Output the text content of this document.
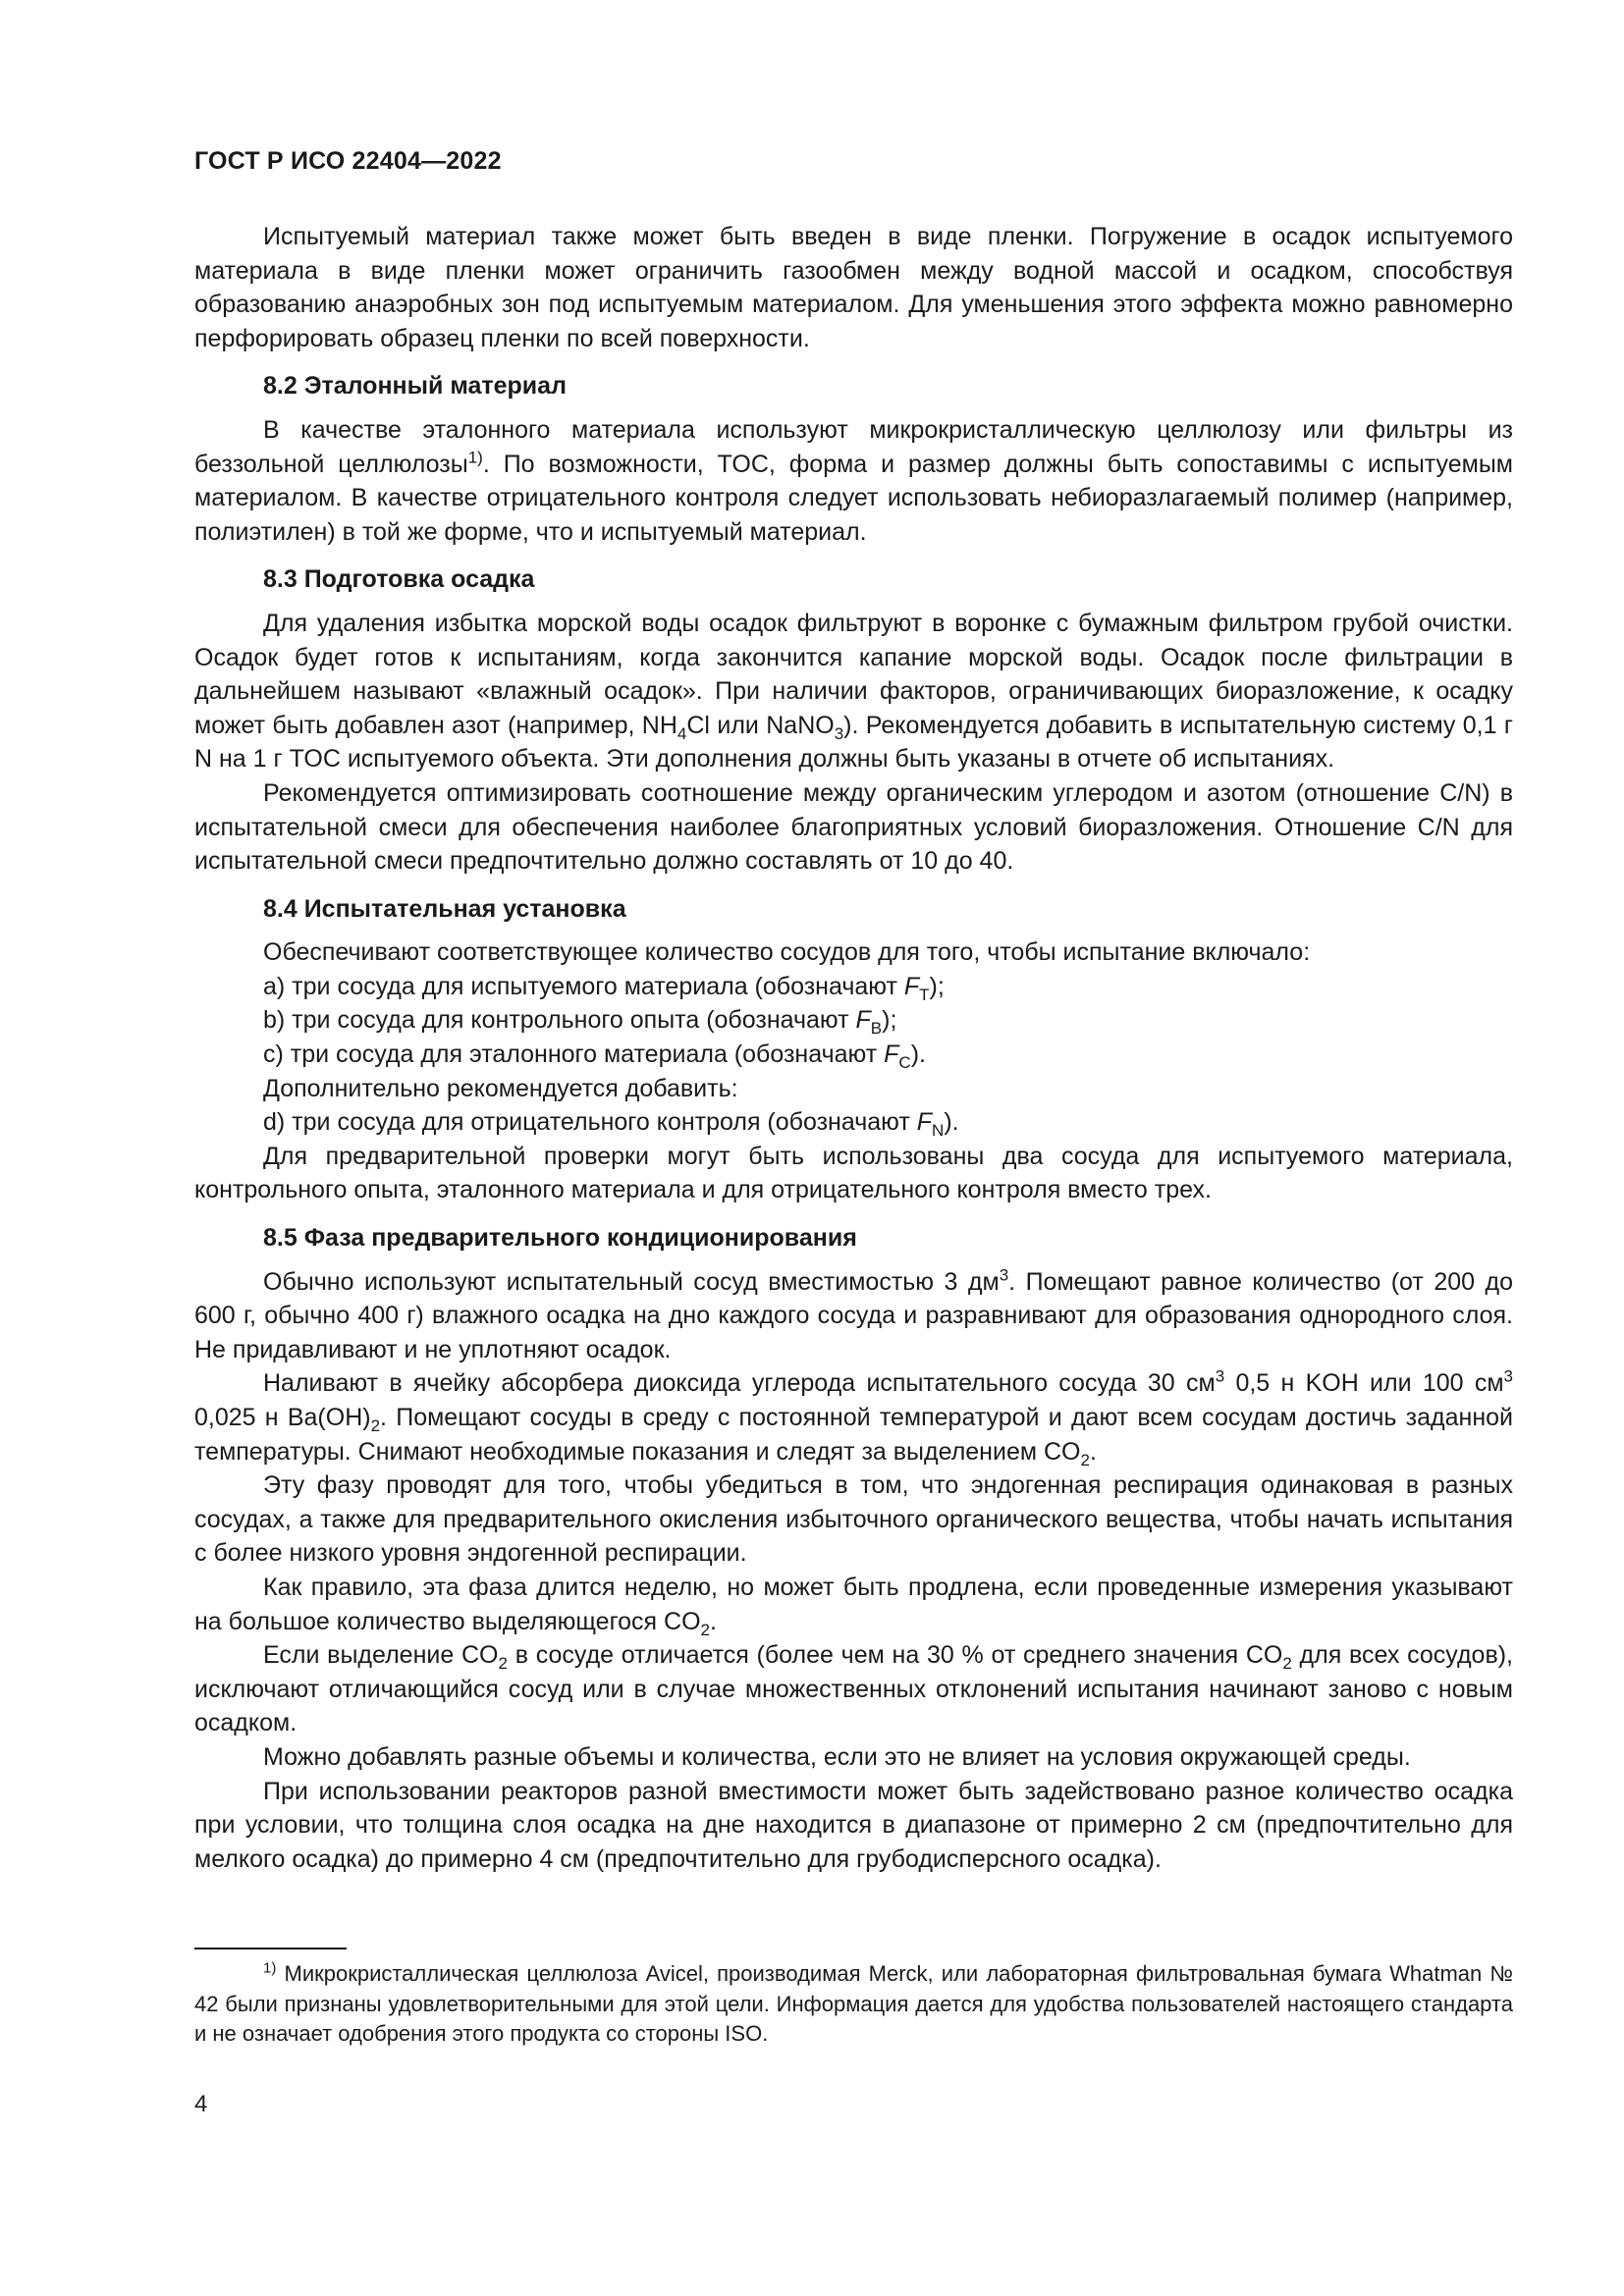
ГОСТ Р ИСО 22404—2022

Испытуемый материал также может быть введен в виде пленки. Погружение в осадок испытуемого материала в виде пленки может ограничить газообмен между водной массой и осадком, способствуя образованию анаэробных зон под испытуемым материалом. Для уменьшения этого эффекта можно равномерно перфорировать образец пленки по всей поверхности.

8.2 Эталонный материал

В качестве эталонного материала используют микрокристаллическую целлюлозу или фильтры из беззольной целлюлозы$^{1)}$. По возможности, TOC, форма и размер должны быть сопоставимы с испытуемым материалом. В качестве отрицательного контроля следует использовать небиоразлагаемый полимер (например, полиэтилен) в той же форме, что и испытуемый материал.

8.3 Подготовка осадка

Для удаления избытка морской воды осадок фильтруют в воронке с бумажным фильтром грубой очистки. Осадок будет готов к испытаниям, когда закончится капание морской воды. Осадок после фильтрации в дальнейшем называют «влажный осадок». При наличии факторов, ограничивающих биоразложение, к осадку может быть добавлен азот (например, $NH_4Cl$ или NaNO$_3$). Рекомендуется добавить в испытательную систему 0,1 г N на 1 г TOC испытуемого объекта. Эти дополнения должны быть указаны в отчете об испытаниях.

Рекомендуется оптимизировать соотношение между органическим углеродом и азотом (отношение C/N) в испытательной смеси для обеспечения наиболее благоприятных условий биоразложения. Отношение C/N для испытательной смеси предпочтительно должно составлять от 10 до 40.

8.4 Испытательная установка

Обеспечивают соответствующее количество сосудов для того, чтобы испытание включало:

a) три сосуда для испытуемого материала (обозначают $F_T$);

b) три сосуда для контрольного опыта (обозначают $F_B$);

c) три сосуда для эталонного материала (обозначают $F_C$).

Дополнительно рекомендуется добавить:

d) три сосуда для отрицательного контроля (обозначают $F_N$).

Для предварительной проверки могут быть использованы два сосуда для испытуемого материала, контрольного опыта, эталонного материала и для отрицательного контроля вместо трех.

8.5 Фаза предварительного кондиционирования

Обычно используют испытательный сосуд вместимостью 3 $дм^3$. Помещают равное количество (от 200 до 600 г, обычно 400 г) влажного осадка на дно каждого сосуда и разравнивают для образования однородного слоя. Не придавливают и не уплотняют осадок.

Наливают в ячейку абсорбера диоксида углерода испытательного сосуда 30 $см^3$ 0,5 н KOH или 100 $см^3$ 0,025 н $Ba(OH)_2$. Помещают сосуды в среду с постоянной температурой и дают всем сосудам достичь заданной температуры. Снимают необходимые показания и следят за выделением $CO_2$.

Эту фазу проводят для того, чтобы убедиться в том, что эндогенная респирация одинаковая в разных сосудах, а также для предварительного окисления избыточного органического вещества, чтобы начать испытания с более низкого уровня эндогенной респирации.

Как правило, эта фаза длится неделю, но может быть продлена, если проведенные измерения указывают на большое количество выделяющегося $CO_2$.

Если выделение $CO_2$ в сосуде отличается (более чем на 30 % от среднего значения $CO_2$ для всех сосудов), исключают отличающийся сосуд или в случае множественных отклонений испытания начинают заново с новым осадком.

Можно добавлять разные объемы и количества, если это не влияет на условия окружающей среды.

При использовании реакторов разной вместимости может быть задействовано разное количество осадка при условии, что толщина слоя осадка на дне находится в диапазоне от примерно 2 см (предпочтительно для мелкого осадка) до примерно 4 см (предпочтительно для грубодисперсного осадка).

$^{1)}$ Микрокристаллическая целлюлоза Avicel, производимая Merck, или лабораторная фильтровальная бумага Whatman № 42 были признаны удовлетворительными для этой цели. Информация дается для удобства пользователей настоящего стандарта и не означает одобрения этого продукта со стороны ISO.
4
